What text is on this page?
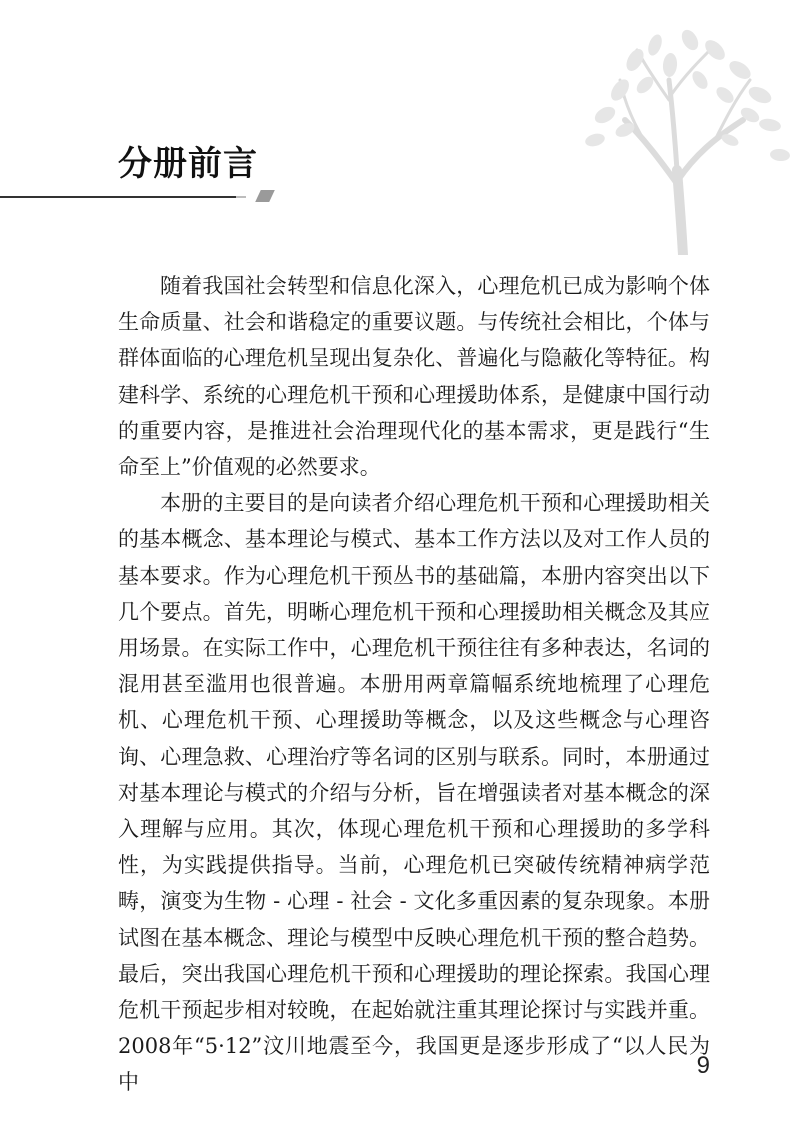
分册前言

随着我国社会转型和信息化深入，心理危机已成为影响个体生命质量、社会和谐稳定的重要议题。与传统社会相比，个体与群体面临的心理危机呈现出复杂化、普遍化与隐蔽化等特征。构建科学、系统的心理危机干预和心理援助体系，是健康中国行动的重要内容，是推进社会治理现代化的基本需求，更是践行“生命至上”价值观的必然要求。

本册的主要目的是向读者介绍心理危机干预和心理援助相关的基本概念、基本理论与模式、基本工作方法以及对工作人员的基本要求。作为心理危机干预丛书的基础篇，本册内容突出以下几个要点。首先，明晰心理危机干预和心理援助相关概念及其应用场景。在实际工作中，心理危机干预往往有多种表达，名词的混用甚至滥用也很普遍。本册用两章篇幅系统地梳理了心理危机、心理危机干预、心理援助等概念，以及这些概念与心理咨询、心理急救、心理治疗等名词的区别与联系。同时，本册通过对基本理论与模式的介绍与分析，旨在增强读者对基本概念的深入理解与应用。其次，体现心理危机干预和心理援助的多学科性，为实践提供指导。当前，心理危机已突破传统精神病学范畴，演变为生物 - 心理 - 社会 - 文化多重因素的复杂现象。本册试图在基本概念、理论与模型中反映心理危机干预的整合趋势。最后，突出我国心理危机干预和心理援助的理论探索。我国心理危机干预起步相对较晚，在起始就注重其理论探讨与实践并重。2008年“5·12”汶川地震至今，我国更是逐步形成了“以人民为中

9
